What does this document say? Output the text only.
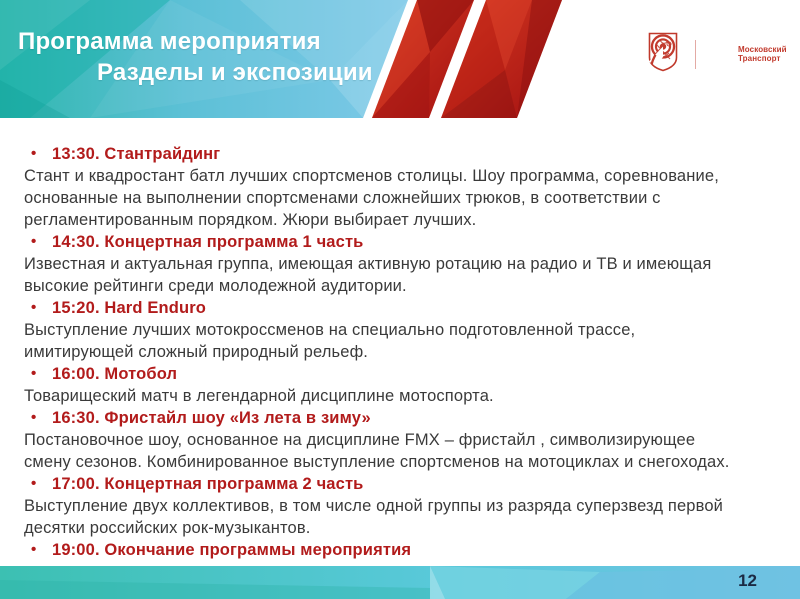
Программа мероприятия
Разделы и экспозиции
Московский
Транспорт
• 13:30. Стантрайдинг
Стант и квадростант батл лучших спортсменов столицы. Шоу программа, соревнование, основанные на выполнении спортсменами сложнейших трюков, в соответствии с регламентированным порядком. Жюри выбирает лучших.
• 14:30. Концертная программа 1 часть
Известная и актуальная группа, имеющая активную ротацию на радио и ТВ и имеющая высокие рейтинги среди молодежной аудитории.
• 15:20. Hard Enduro
Выступление лучших мотокроссменов на специально подготовленной трассе, имитирующей сложный природный рельеф.
• 16:00. Мотобол
Товарищеский матч в легендарной дисциплине мотоспорта.
• 16:30. Фристайл шоу «Из лета в зиму»
Постановочное шоу, основанное на дисциплине FMX – фристайл , символизирующее смену сезонов. Комбинированное выступление спортсменов на мотоциклах и снегоходах.
• 17:00. Концертная программа 2 часть
Выступление двух коллективов, в том числе одной группы из разряда суперзвезд первой десятки российских рок-музыкантов.
• 19:00. Окончание программы мероприятия
12
